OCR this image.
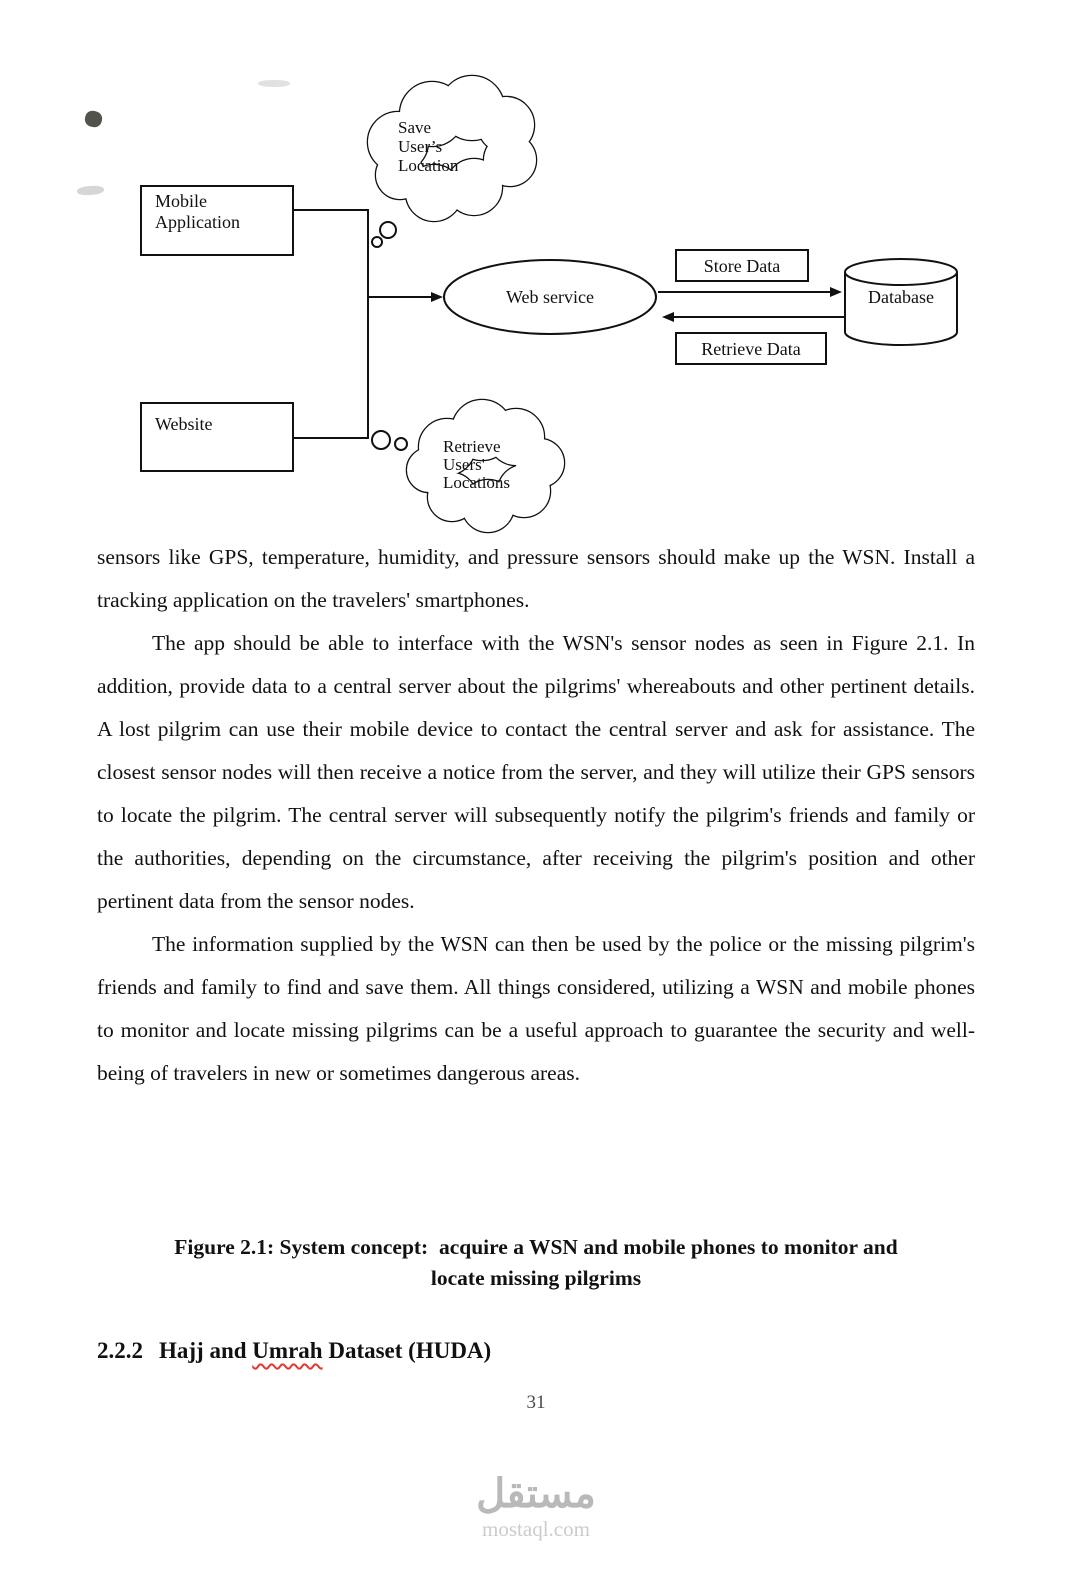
Save
User’s
Location
Retrieve
Users'
Locations
Mobile
Application
Website
Web service
Store Data
Retrieve Data
Database

sensors like GPS, temperature, humidity, and pressure sensors should make up the WSN. Install a tracking application on the travelers' smartphones.

The app should be able to interface with the WSN's sensor nodes as seen in Figure 2.1. In addition, provide data to a central server about the pilgrims' whereabouts and other pertinent details. A lost pilgrim can use their mobile device to contact the central server and ask for assistance. The closest sensor nodes will then receive a notice from the server, and they will utilize their GPS sensors to locate the pilgrim. The central server will subsequently notify the pilgrim's friends and family or the authorities, depending on the circumstance, after receiving the pilgrim's position and other pertinent data from the sensor nodes.

The information supplied by the WSN can then be used by the police or the missing pilgrim's friends and family to find and save them. All things considered, utilizing a WSN and mobile phones to monitor and locate missing pilgrims can be a useful approach to guarantee the security and well-being of travelers in new or sometimes dangerous areas.

Figure 2.1: System concept:  acquire a WSN and mobile phones to monitor and
locate missing pilgrims
2.2.2 Hajj and Umrah Dataset (HUDA)
31
مستقل
mostaql.com
